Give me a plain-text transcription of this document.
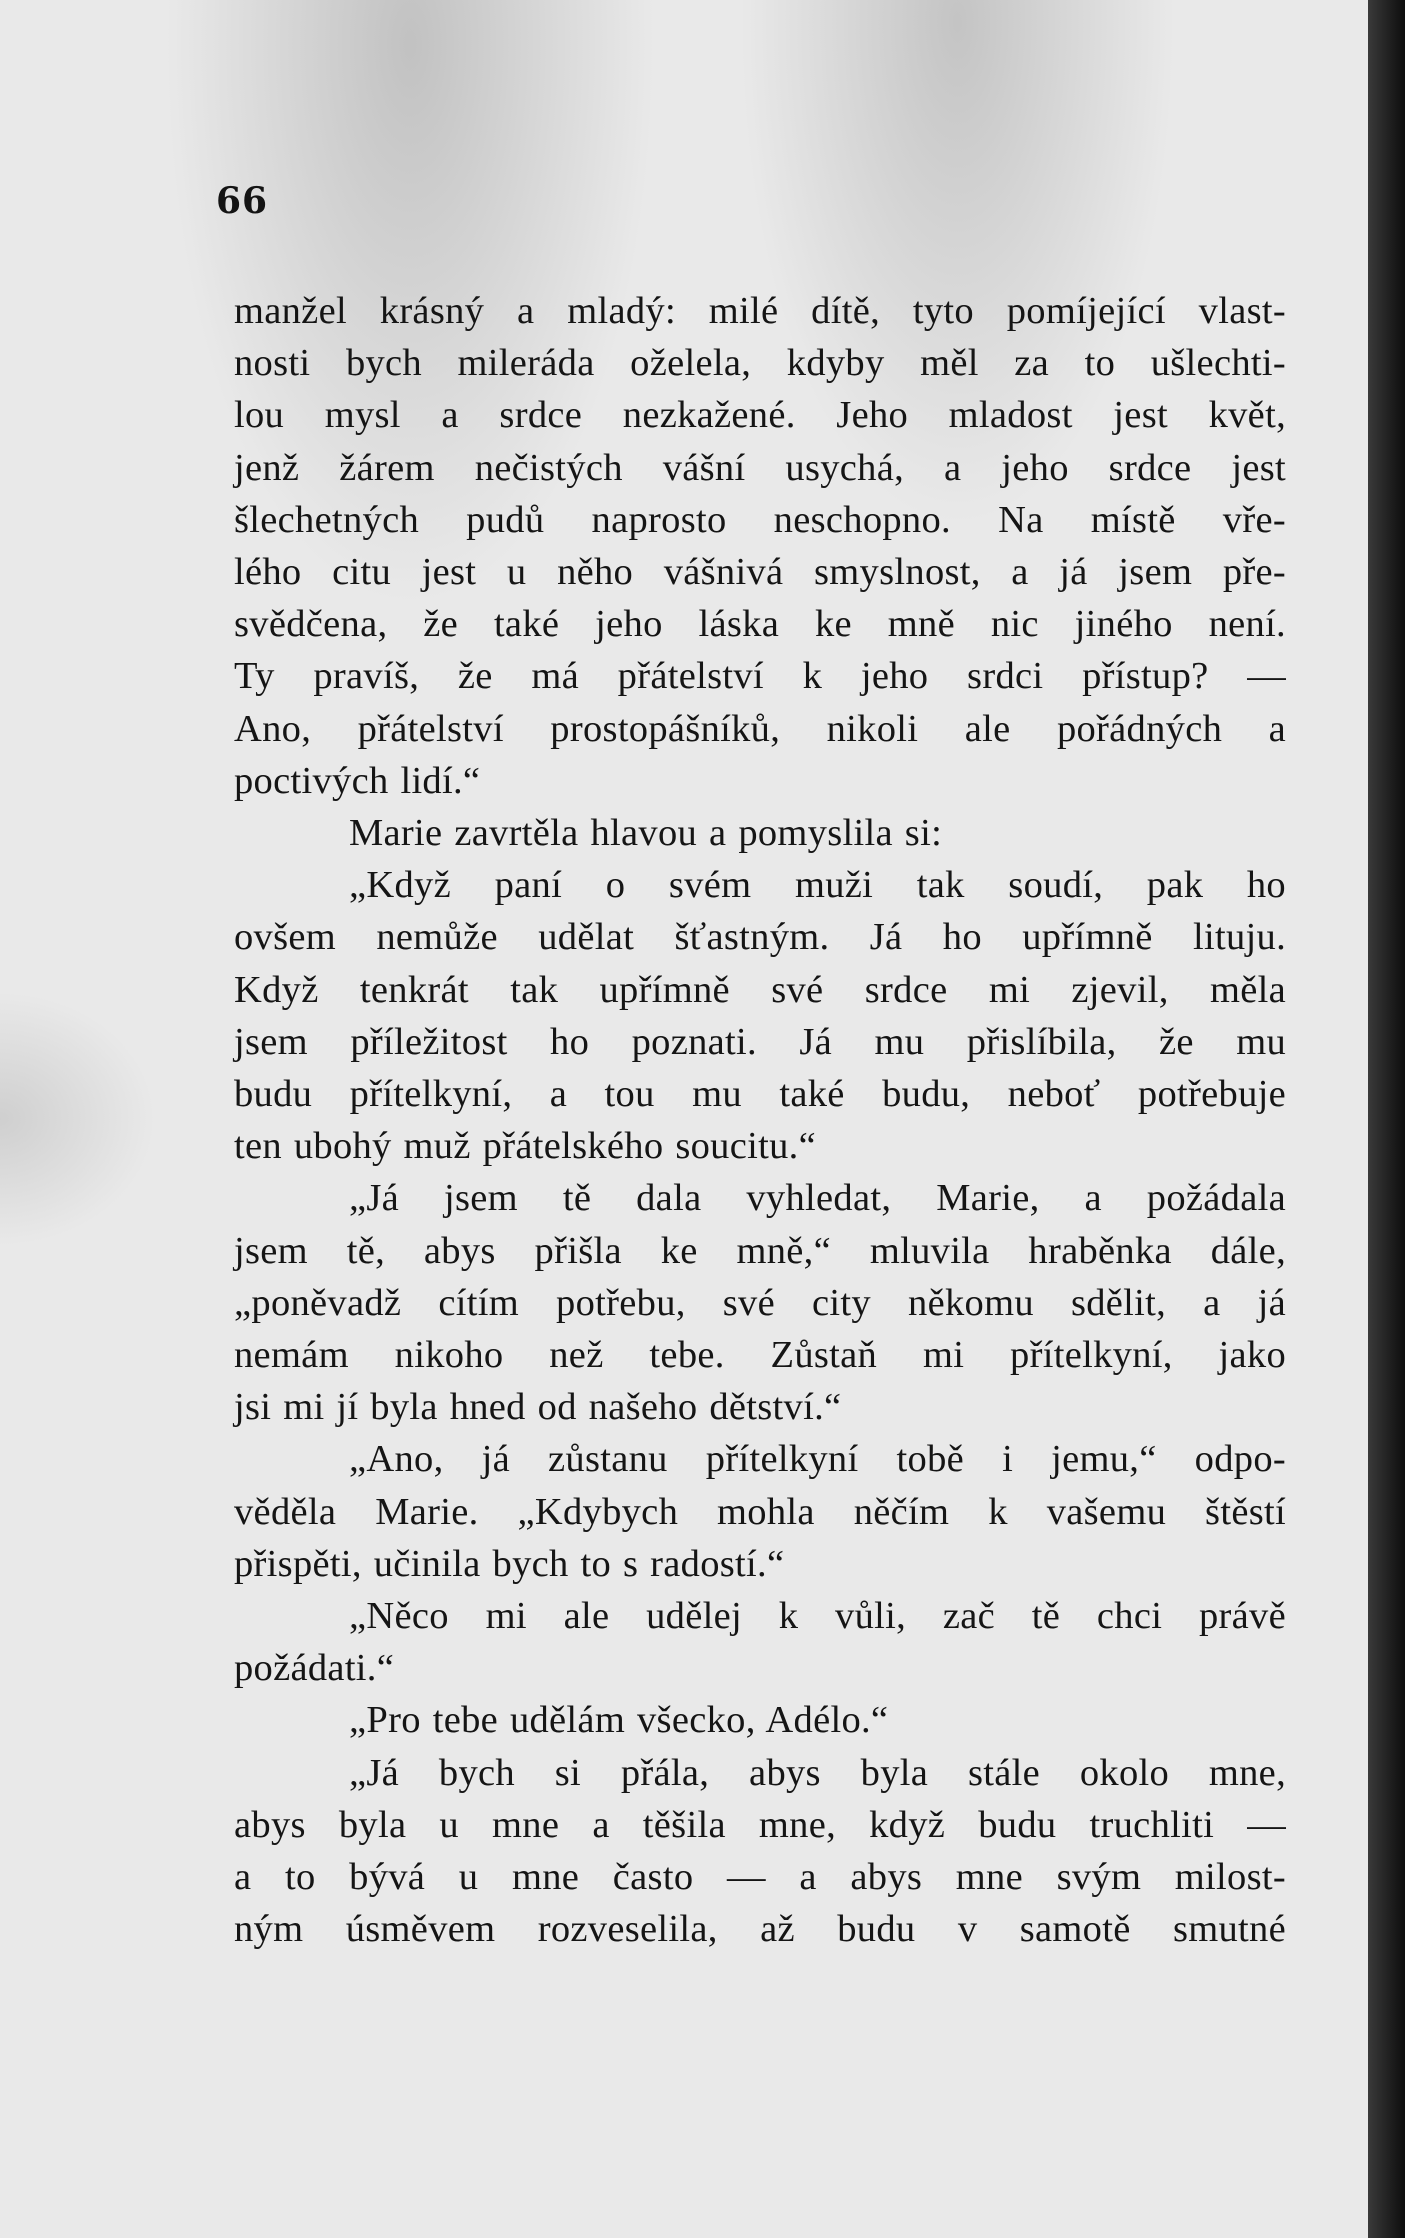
66
manžel krásný a mladý: milé dítě, tyto pomíjející vlast-
nosti bych mileráda oželela, kdyby měl za to ušlechti-
lou mysl a srdce nezkažené. Jeho mladost jest květ,
jenž žárem nečistých vášní usychá, a jeho srdce jest
šlechetných pudů naprosto neschopno. Na místě vře-
lého citu jest u něho vášnivá smyslnost, a já jsem pře-
svědčena, že také jeho láska ke mně nic jiného není.
Ty pravíš, že má přátelství k jeho srdci přístup? —
Ano, přátelství prostopášníků, nikoli ale pořádných a
poctivých lidí.“
Marie zavrtěla hlavou a pomyslila si:
„Když paní o svém muži tak soudí, pak ho
ovšem nemůže udělat šťastným. Já ho upřímně lituju.
Když tenkrát tak upřímně své srdce mi zjevil, měla
jsem příležitost ho poznati. Já mu přislíbila, že mu
budu přítelkyní, a tou mu také budu, neboť potřebuje
ten ubohý muž přátelského soucitu.“
„Já jsem tě dala vyhledat, Marie, a požádala
jsem tě, abys přišla ke mně,“ mluvila hraběnka dále,
„poněvadž cítím potřebu, své city někomu sdělit, a já
nemám nikoho než tebe. Zůstaň mi přítelkyní, jako
jsi mi jí byla hned od našeho dětství.“
„Ano, já zůstanu přítelkyní tobě i jemu,“ odpo-
věděla Marie. „Kdybych mohla něčím k vašemu štěstí
přispěti, učinila bych to s radostí.“
„Něco mi ale udělej k vůli, zač tě chci právě
požádati.“
„Pro tebe udělám všecko, Adélo.“
„Já bych si přála, abys byla stále okolo mne,
abys byla u mne a těšila mne, když budu truchliti —
a to bývá u mne často — a abys mne svým milost-
ným úsměvem rozveselila, až budu v samotě smutné
